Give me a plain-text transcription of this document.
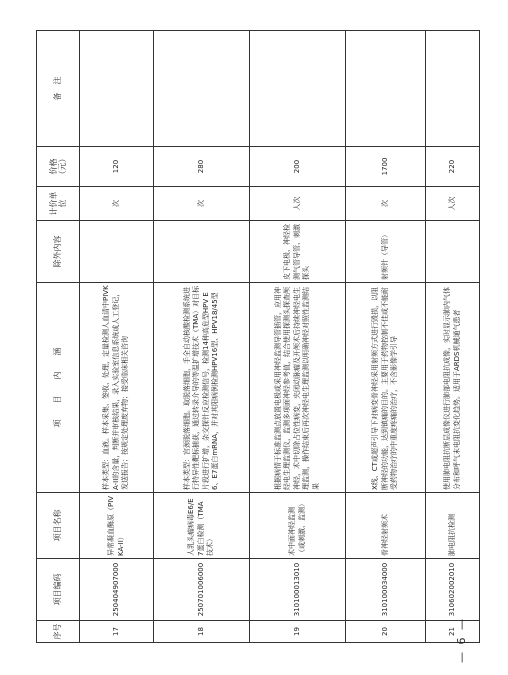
序号	项目编码	项目名称	项　　目　　内　　涵	除外内容	计价单位	价格（元）	备　注
17	250404907000	异常凝血酶原（PIVKA-II）	样本类型：血液。样本采集、签收、处理，定量检测人血清中PIVKA-II的含量，判断并审核结果，录入实验室信息系统或人工登记，发送报告；按规定处理废弃物；接受临床相关咨询		次	120	
18	250701006000	人乳头瘤病毒E6/E7蛋白检测（TMA技术）	样本类型：宫颈脱落细胞。取脱落细胞，手全自动核酸检测系统进行特异性靶标捕获，通过转录介导的等温扩增技术（TMA）对目标片段进行扩增，杂交探针反应检测信号，检测14种高危型HPV E6、E7蛋白mRNA，并对其阳病例检测HPV16型、HPV18/45型		次	280	
19	310100013010	术中面神经监测（或刺激、监测）	根据病情于标准监测点放置电极或采用神经监测导管插管，应用神经电生理监测仪，监测多项面神经参考值，结合使用探测头探查颅神经，术中切除占位性病变，夹闭动脉瘤及开颅术后持续神经电生理监测，操作结束后再次神经电生理监测以明确神经对照性监测结果	皮下电极、神经检测气管导管、刺激探头	人次	200	
20	310100034000	骨神经射频术	X线、CT或超声引导下对病变骨神经采用射频方式进行毁损，以阻断神经的功能，达到镇痛的目的。主要用于药物控制不佳或不能耐受药物治疗的中重度疼痛的治疗，不含影像学引导	射频针（导管）	次	1700	
21	310602002010	肺电阻抗检测	使用肺电阻抗断层成像仪进行肺部电阻抗成像，实时显示肺内气体分布和呼气末电阻抗变化趋势。适用于ARDS机械通气患者		人次	220	
— 6 —
